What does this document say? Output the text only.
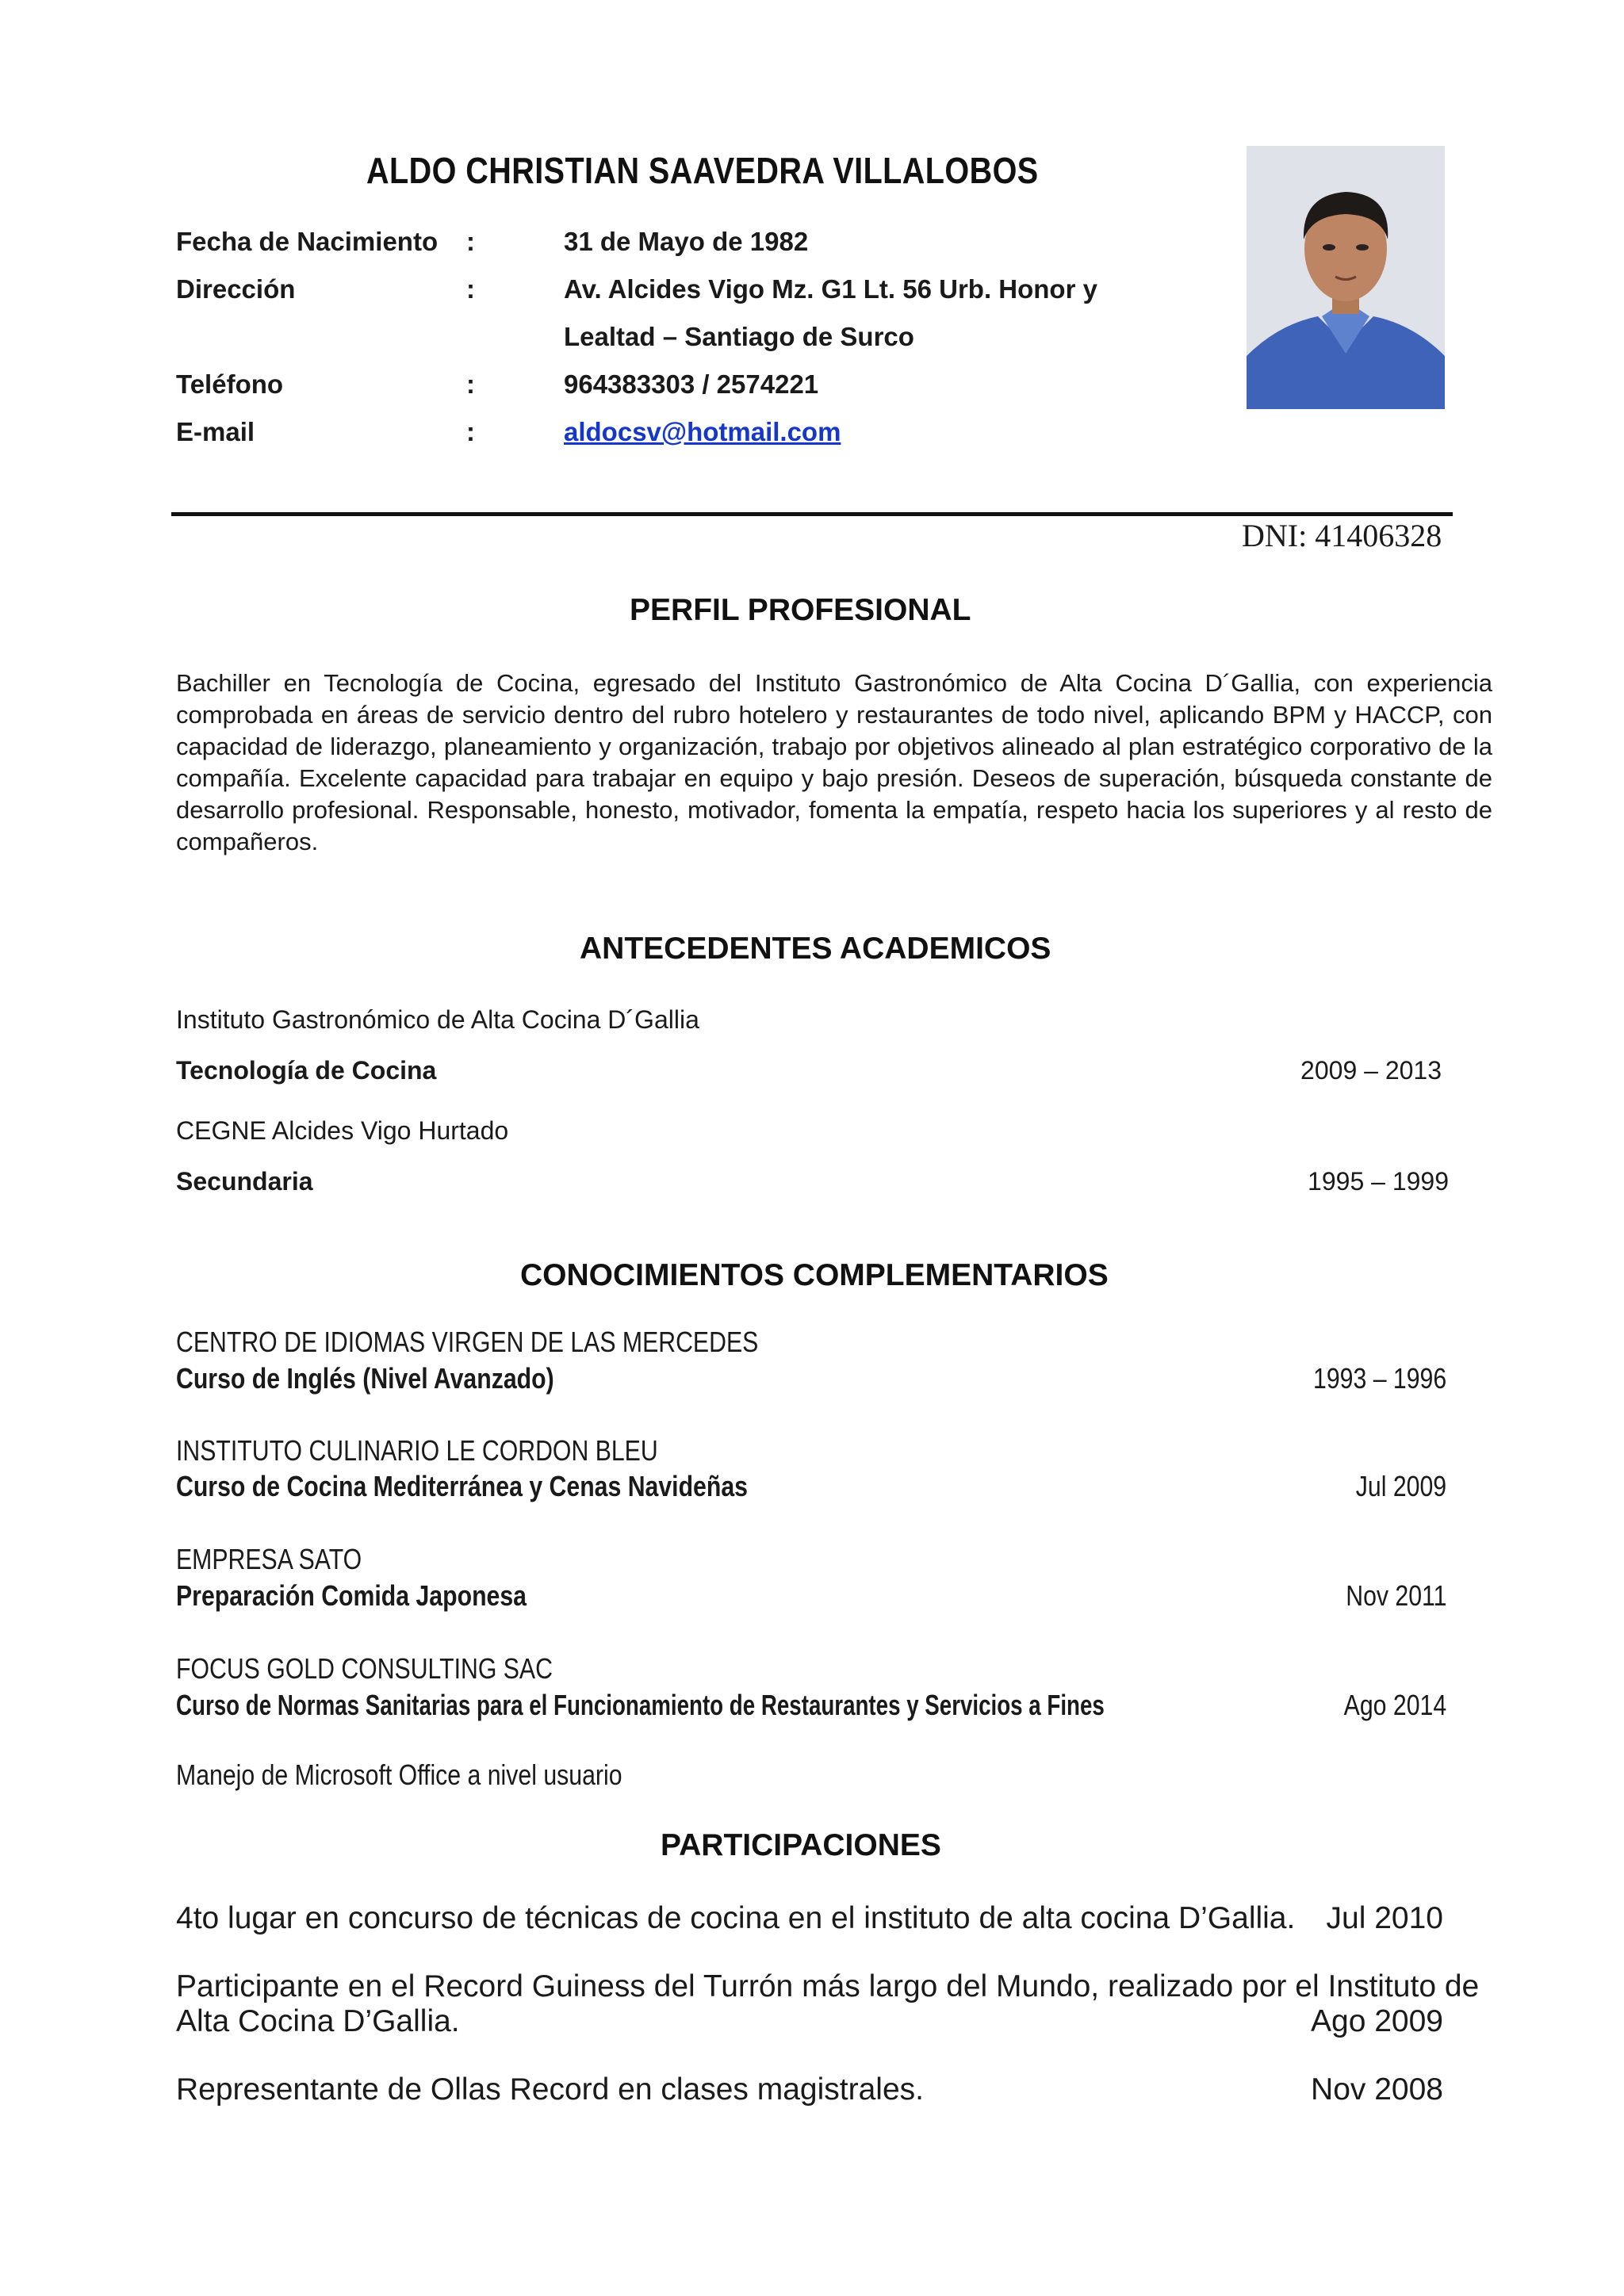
ALDO CHRISTIAN SAAVEDRA VILLALOBOS
Fecha de Nacimiento :	31 de Mayo de 1982
Dirección	:	Av. Alcides Vigo Mz. G1 Lt. 56 Urb. Honor y
Lealtad – Santiago de Surco
Teléfono	:	964383303 / 2574221
E-mail	:	aldocsv@hotmail.com
DNI: 41406328
PERFIL PROFESIONAL
Bachiller en Tecnología de Cocina, egresado del Instituto Gastronómico de Alta Cocina D´Gallia, con experiencia comprobada en áreas de servicio dentro del rubro hotelero y restaurantes de todo nivel, aplicando BPM y HACCP, con capacidad de liderazgo, planeamiento y organización, trabajo por objetivos alineado al plan estratégico corporativo de la compañía. Excelente capacidad para trabajar en equipo y bajo presión. Deseos de superación, búsqueda constante de desarrollo profesional. Responsable, honesto, motivador, fomenta la empatía, respeto hacia los superiores y al resto de compañeros.
ANTECEDENTES ACADEMICOS
Instituto Gastronómico de Alta Cocina D´Gallia
Tecnología de Cocina	2009 – 2013
CEGNE Alcides Vigo Hurtado
Secundaria	1995 – 1999
CONOCIMIENTOS COMPLEMENTARIOS
CENTRO DE IDIOMAS VIRGEN DE LAS MERCEDES
Curso de Inglés (Nivel Avanzado)	1993 – 1996
INSTITUTO CULINARIO LE CORDON BLEU
Curso de Cocina Mediterránea y Cenas Navideñas	Jul 2009
EMPRESA SATO
Preparación Comida Japonesa	Nov 2011
FOCUS GOLD CONSULTING SAC
Curso de Normas Sanitarias para el Funcionamiento de Restaurantes y Servicios a Fines	Ago 2014
Manejo de Microsoft Office a nivel usuario
PARTICIPACIONES
4to lugar en concurso de técnicas de cocina en el instituto de alta cocina D’Gallia. Jul 2010
Participante en el Record Guiness del Turrón más largo del Mundo, realizado por el Instituto de
Alta Cocina D’Gallia.	Ago 2009
Representante de Ollas Record en clases magistrales.	Nov 2008
